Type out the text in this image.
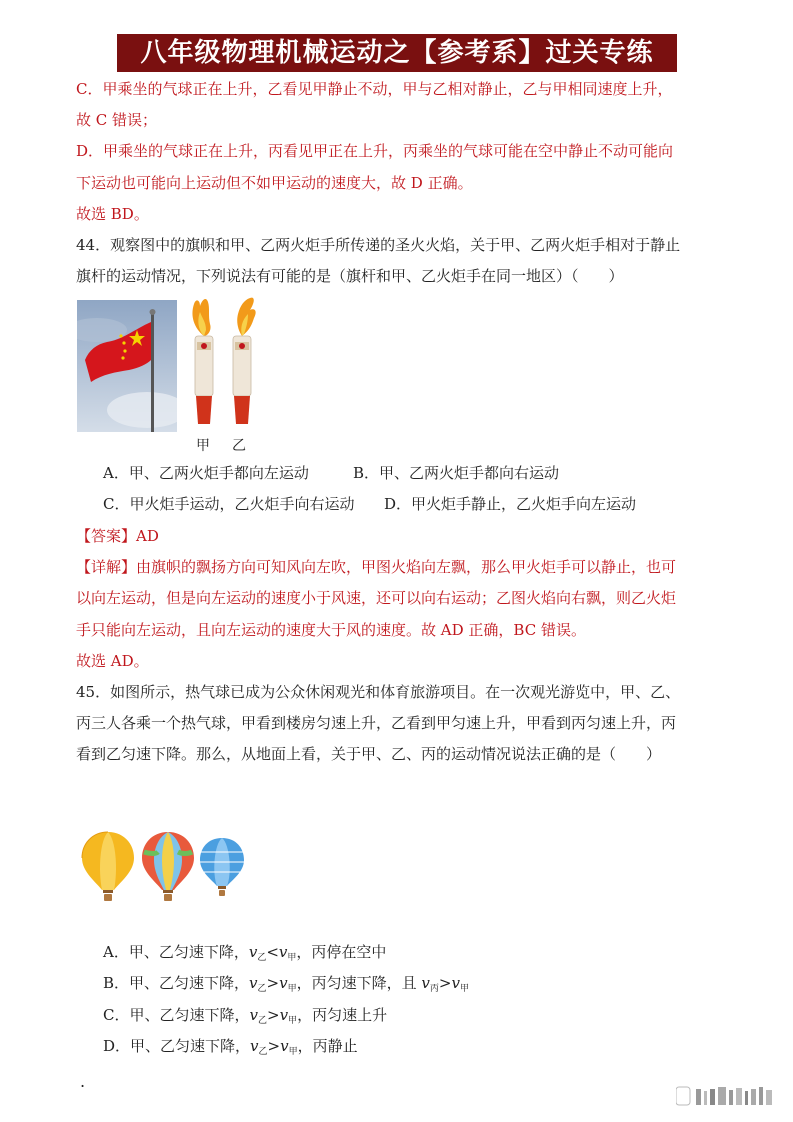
八年级物理机械运动之【参考系】过关专练
C．甲乘坐的气球正在上升，乙看见甲静止不动，甲与乙相对静止，乙与甲相同速度上升，
故 C 错误；
D．甲乘坐的气球正在上升，丙看见甲正在上升，丙乘坐的气球可能在空中静止不动可能向
下运动也可能向上运动但不如甲运动的速度大，故 D 正确。
故选 BD。
44．观察图中的旗帜和甲、乙两火炬手所传递的圣火火焰，关于甲、乙两火炬手相对于静止
旗杆的运动情况，下列说法有可能的是（旗杆和甲、乙火炬手在同一地区）（　　）
甲 乙
A．甲、乙两火炬手都向左运动	B．甲、乙两火炬手都向右运动
C．甲火炬手运动，乙火炬手向右运动 D．甲火炬手静止，乙火炬手向左运动
【答案】AD
【详解】由旗帜的飘扬方向可知风向左吹，甲图火焰向左飘，那么甲火炬手可以静止，也可
以向左运动，但是向左运动的速度小于风速，还可以向右运动；乙图火焰向右飘，则乙火炬
手只能向左运动，且向左运动的速度大于风的速度。故 AD 正确，BC 错误。
故选 AD。
45．如图所示，热气球已成为公众休闲观光和体育旅游项目。在一次观光游览中，甲、乙、
丙三人各乘一个热气球，甲看到楼房匀速上升，乙看到甲匀速上升，甲看到丙匀速上升，丙
看到乙匀速下降。那么，从地面上看，关于甲、乙、丙的运动情况说法正确的是（　　）
A．甲、乙匀速下降，$v_乙<v_甲$，丙停在空中
B．甲、乙匀速下降，$v_乙>v_甲$，丙匀速下降，且 $v_丙>v_甲$
C．甲、乙匀速下降，$v_乙>v_甲$，丙匀速上升
D．甲、乙匀速下降，$v_乙>v_甲$，丙静止
.
